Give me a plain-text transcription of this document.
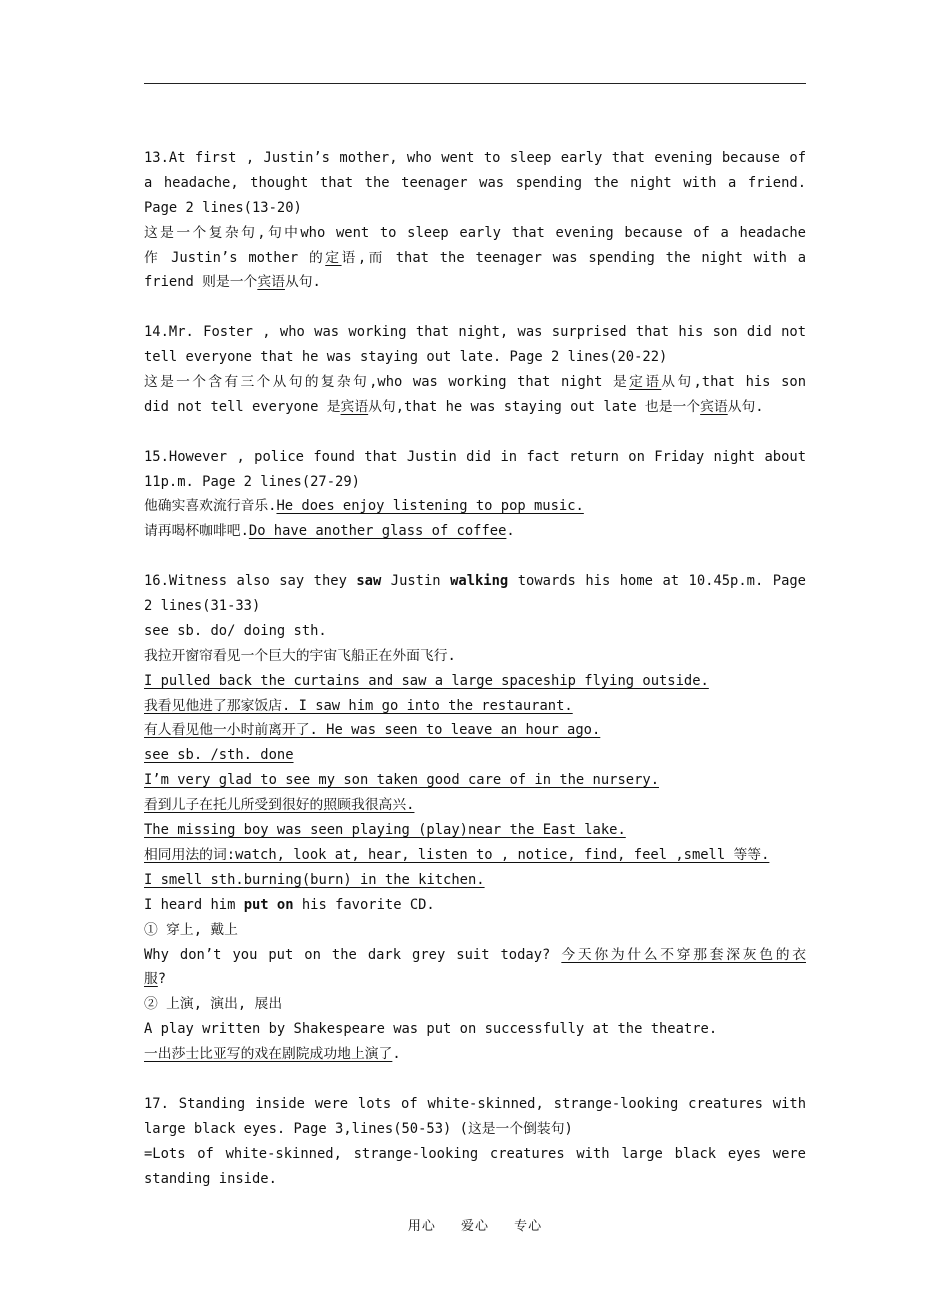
13.At first , Justin’s mother, who went to sleep early that evening because of
a headache, thought that the teenager was spending the night with a friend.
Page 2 lines(13-20)
这是一个复杂句,句中who went to sleep early that evening because of a headache
作 Justin’s mother 的定语,而 that the teenager was spending the night with a
friend 则是一个宾语从句.
14.Mr. Foster , who was working that night, was surprised that his son did not
tell everyone that he was staying out late. Page 2 lines(20-22)
这是一个含有三个从句的复杂句,who was working that night 是定语从句,that his son
did not tell everyone 是宾语从句,that he was staying out late 也是一个宾语从句.
15.However , police found that Justin did in fact return on Friday night about
11p.m. Page 2 lines(27-29)
他确实喜欢流行音乐.He does enjoy listening to pop music.
请再喝杯咖啡吧.Do have another glass of coffee.
16.Witness also say they saw Justin walking towards his home at 10.45p.m. Page
2 lines(31-33)
see sb. do/ doing sth.
我拉开窗帘看见一个巨大的宇宙飞船正在外面飞行.
I pulled back the curtains and saw a large spaceship flying outside.
我看见他进了那家饭店. I saw him go into the restaurant.
有人看见他一小时前离开了. He was seen to leave an hour ago.
see sb. /sth. done
I’m very glad to see my son taken good care of in the nursery.
看到儿子在托儿所受到很好的照顾我很高兴.
The missing boy was seen playing (play)near the East lake.
相同用法的词:watch, look at, hear, listen to , notice, find, feel ,smell 等等.
I smell sth.burning(burn) in the kitchen.
I heard him put on his favorite CD.
① 穿上, 戴上
Why don’t you put on the dark grey suit today? 今天你为什么不穿那套深灰色的衣
服?
② 上演, 演出, 展出
A play written by Shakespeare was put on successfully at the theatre.
一出莎士比亚写的戏在剧院成功地上演了.
17. Standing inside were lots of white-skinned, strange-looking creatures with
large black eyes. Page 3,lines(50-53) (这是一个倒装句)
=Lots of white-skinned, strange-looking creatures with large black eyes were
standing inside.
用心 爱心 专心
